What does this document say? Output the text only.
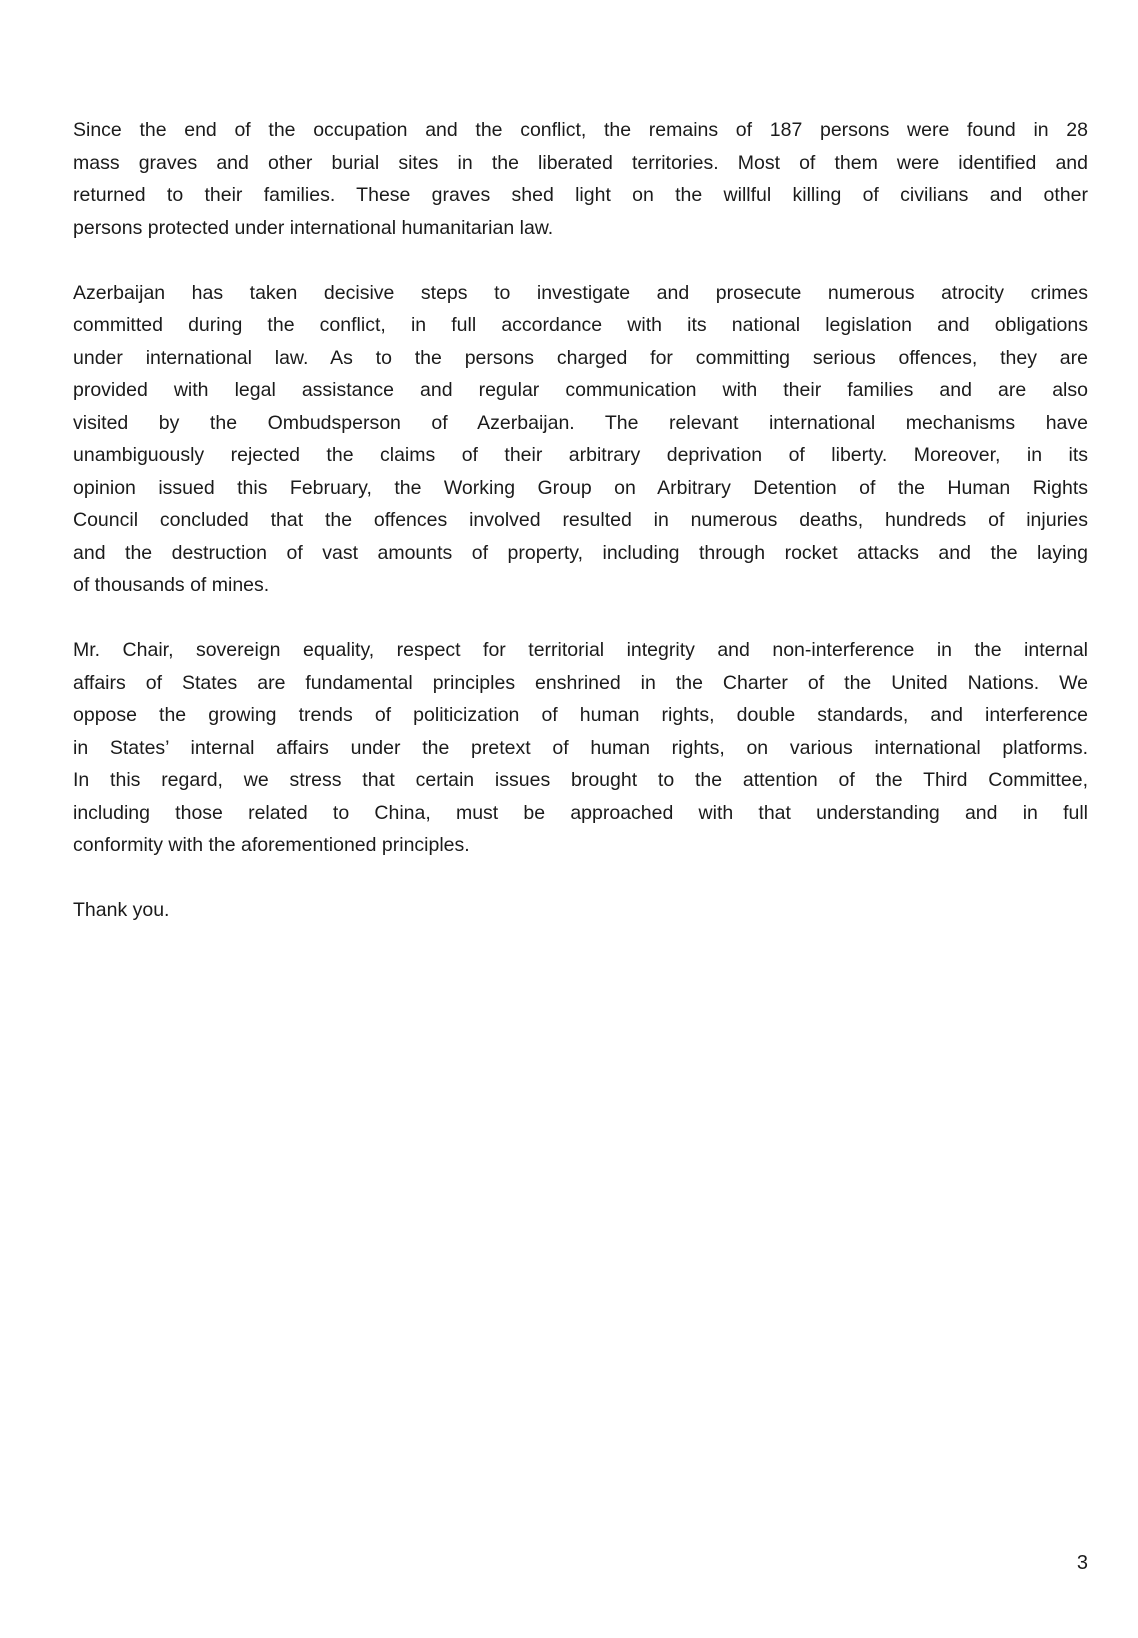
Since the end of the occupation and the conflict, the remains of 187 persons were found in 28
mass graves and other burial sites in the liberated territories. Most of them were identified and
returned to their families. These graves shed light on the willful killing of civilians and other
persons protected under international humanitarian law.
Azerbaijan has taken decisive steps to investigate and prosecute numerous atrocity crimes
committed during the conflict, in full accordance with its national legislation and obligations
under international law. As to the persons charged for committing serious offences, they are
provided with legal assistance and regular communication with their families and are also
visited by the Ombudsperson of Azerbaijan. The relevant international mechanisms have
unambiguously rejected the claims of their arbitrary deprivation of liberty. Moreover, in its
opinion issued this February, the Working Group on Arbitrary Detention of the Human Rights
Council concluded that the offences involved resulted in numerous deaths, hundreds of injuries
and the destruction of vast amounts of property, including through rocket attacks and the laying
of thousands of mines.
Mr. Chair, sovereign equality, respect for territorial integrity and non-interference in the internal
affairs of States are fundamental principles enshrined in the Charter of the United Nations. We
oppose the growing trends of politicization of human rights, double standards, and interference
in States’ internal affairs under the pretext of human rights, on various international platforms.
In this regard, we stress that certain issues brought to the attention of the Third Committee,
including those related to China, must be approached with that understanding and in full
conformity with the aforementioned principles.
Thank you.
3
